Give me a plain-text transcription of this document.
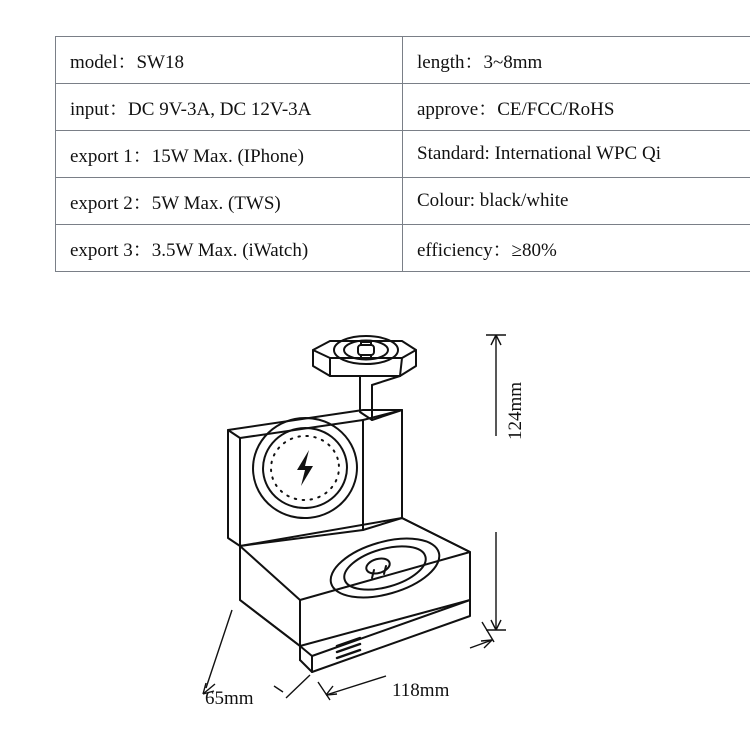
model：SW18	length：3~8mm
input：DC 9V-3A, DC 12V-3A	approve：CE/FCC/RoHS
export 1：15W Max. (IPhone)	Standard: International WPC Qi
export 2：5W Max. (TWS)	Colour: black/white
export 3：3.5W Max. (iWatch)	efficiency：≥80%
124mm
65mm	118mm
